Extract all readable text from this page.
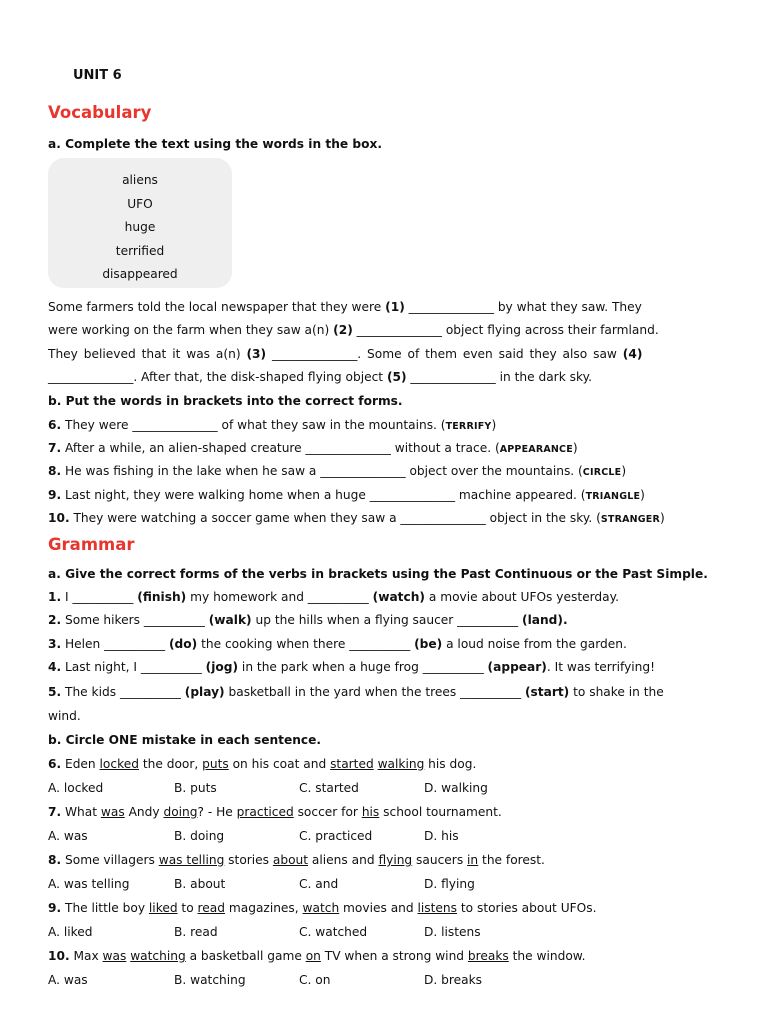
UNIT 6
Vocabulary
a. Complete the text using the words in the box.
aliens
UFO
huge
terrified
disappeared
Some farmers told the local newspaper that they were (1) ______________ by what they saw. They
were working on the farm when they saw a(n) (2) ______________ object flying across their farmland.
They believed that it was a(n) (3) ______________. Some of them even said they also saw (4)
______________. After that, the disk-shaped flying object (5) ______________ in the dark sky.
b. Put the words in brackets into the correct forms.
6. They were ______________ of what they saw in the mountains. (TERRIFY)
7. After a while, an alien-shaped creature ______________ without a trace. (APPEARANCE)
8. He was fishing in the lake when he saw a ______________ object over the mountains. (CIRCLE)
9. Last night, they were walking home when a huge ______________ machine appeared. (TRIANGLE)
10. They were watching a soccer game when they saw a ______________ object in the sky. (STRANGER)
Grammar
a. Give the correct forms of the verbs in brackets using the Past Continuous or the Past Simple.
1. I __________ (finish) my homework and __________ (watch) a movie about UFOs yesterday.
2. Some hikers __________ (walk) up the hills when a flying saucer __________ (land).
3. Helen __________ (do) the cooking when there __________ (be) a loud noise from the garden.
4. Last night, I __________ (jog) in the park when a huge frog __________ (appear). It was terrifying!
5. The kids __________ (play) basketball in the yard when the trees __________ (start) to shake in the
wind.
b. Circle ONE mistake in each sentence.
6. Eden locked the door, puts on his coat and started walking his dog.
A. locked	B. puts	C. started	D. walking
7. What was Andy doing? - He practiced soccer for his school tournament.
A. was	B. doing	C. practiced	D. his
8. Some villagers was telling stories about aliens and flying saucers in the forest.
A. was telling	B. about	C. and	D. flying
9. The little boy liked to read magazines, watch movies and listens to stories about UFOs.
A. liked	B. read	C. watched	D. listens
10. Max was watching a basketball game on TV when a strong wind breaks the window.
A. was	B. watching	C. on	D. breaks
